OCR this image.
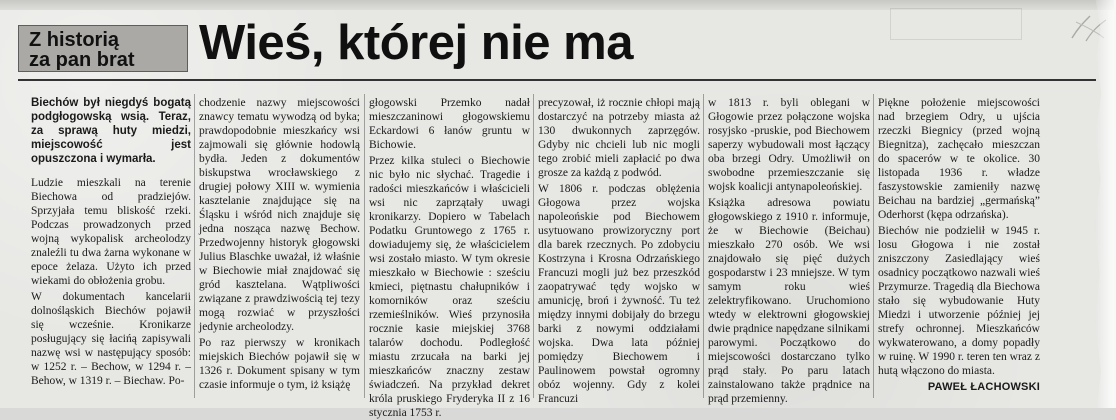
Z historią
za pan brat	Wieś, której nie ma

Biechów był niegdyś bogatą podgłogowską wsią. Teraz, za sprawą huty miedzi, miejscowość jest opuszczona i wymarła.

Ludzie mieszkali na terenie Biechowa od pradziejów. Sprzyjała temu bliskość rzeki. Podczas prowadzonych przed wojną wykopalisk archeolodzy znaleźli tu dwa żarna wykonane w epoce żelaza. Użyto ich przed wiekami do obłożenia grobu.

W dokumentach kancelarii dolnośląskich Biechów pojawił się wcześnie. Kronikarze posługujący się łacińą zapisywali nazwę wsi w następujący sposób: w 1252 r. – Bechow, w 1294 r. – Behow, w 1319 r. – Biechaw. Po-

chodzenie nazwy miejscowości znawcy tematu wywodzą od byka; prawdopodobnie mieszkańcy wsi zajmowali się głównie hodowlą bydła. Jeden z dokumentów biskupstwa wrocławskiego z drugiej połowy XIII w. wymienia kasztelanie znajdujące się na Śląsku i wśród nich znajduje się jedna nosząca nazwę Bechow. Przedwojenny historyk głogowski Julius Blaschke uważał, iż właśnie w Biechowie miał znajdować się gród kasztelana. Wątpliwości związane z prawdziwością tej tezy mogą rozwiać w przyszłości jedynie archeolodzy.

Po raz pierwszy w kronikach miejskich Biechów pojawił się w 1326 r. Dokument spisany w tym czasie informuje o tym, iż książę

głogowski Przemko nadał mieszczaninowi głogowskiemu Eckardowi 6 łanów gruntu w Bichowie.

Przez kilka stuleci o Biechowie nic było nic słychać. Tragedie i radości mieszkańców i właścicieli wsi nic zaprzątały uwagi kronikarzy. Dopiero w Tabelach Podatku Gruntowego z 1765 r. dowiadujemy się, że właścicielem wsi zostało miasto. W tym okresie mieszkało w Biechowie : sześciu kmieci, piętnastu chałupników i komorników oraz sześciu rzemieślników. Wieś przynosiła rocznie kasie miejskiej 3768 talarów dochodu. Podległość miastu zrzucała na barki jej mieszkańców znaczny zestaw świadczeń. Na przykład dekret króla pruskiego Fryderyka II z 16 stycznia 1753 r.

precyzował, iż rocznie chłopi mają dostarczyć na potrzeby miasta aż 130 dwukonnych zaprzęgów. Gdyby nic chcieli lub nic mogli tego zrobić mieli zapłacić po dwa grosze za każdą z podwód.

W 1806 r. podczas oblężenia Głogowa przez wojska napoleońskie pod Biechowem usytuowano prowizoryczny port dla barek rzecznych. Po zdobyciu Kostrzyna i Krosna Odrzańskiego Francuzi mogli już bez przeszkód zaopatrywać tędy wojsko w amunicję, broń i żywność. Tu też między innymi dobijały do brzegu barki z nowymi oddziałami wojska. Dwa lata później pomiędzy Biechowem i Paulinowem powstał ogromny obóz wojenny. Gdy z kolei Francuzi

w 1813 r. byli oblegani w Głogowie przez połączone wojska rosyjsko -pruskie, pod Biechowem saperzy wybudowali most łączący oba brzegi Odry. Umożliwił on swobodne przemieszczanie się wojsk koalicji antynapoleońskiej.

Książka adresowa powiatu głogowskiego z 1910 r. informuje, że w Biechowie (Beichau) mieszkało 270 osób. We wsi znajdowało się pięć dużych gospodarstw i 23 mniejsze. W tym samym roku wieś zelektryfikowano. Uruchomiono wtedy w elektrowni głogowskiej dwie prądnice napędzane silnikami parowymi. Początkowo do miejscowości dostarczano tylko prąd stały. Po paru latach zainstalowano także prądnice na prąd przemienny.

Piękne położenie miejscowości nad brzegiem Odry, u ujścia rzeczki Biegnicy (przed wojną Biegnitza), zachęcało mieszczan do spacerów w te okolice. 30 listopada 1936 r. władze faszystowskie zamieniły nazwę Beichau na bardziej „germańską” Oderhorst (kępa odrzańska).

Biechów nie podzielił w 1945 r. losu Głogowa i nie został zniszczony Zasiedlający wieś osadnicy początkowo nazwali wieś Przymurze. Tragedią dla Biechowa stało się wybudowanie Huty Miedzi i utworzenie później jej strefy ochronnej. Mieszkańców wykwaterowano, a domy popadły w ruinę. W 1990 r. teren ten wraz z hutą włączono do miasta.

PAWEŁ ŁACHOWSKI
